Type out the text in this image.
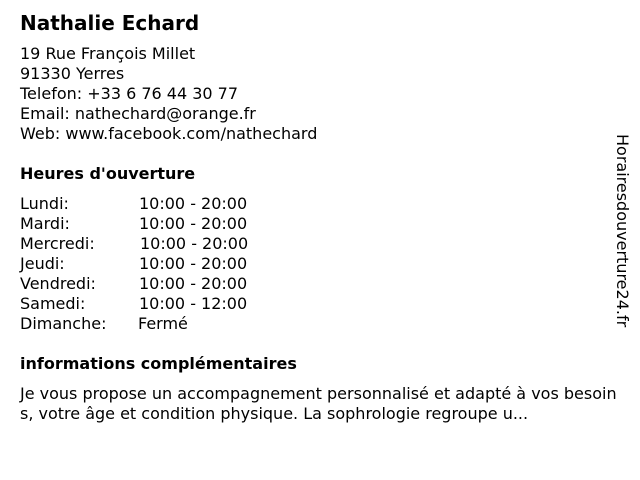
Nathalie Echard
19 Rue François Millet
91330 Yerres
Telefon: +33 6 76 44 30 77
Email: nathechard@orange.fr
Web: www.facebook.com/nathechard
Heures d'ouverture
Lundi:	10:00 - 20:00
Mardi:	10:00 - 20:00
Mercredi:	10:00 - 20:00
Jeudi:	10:00 - 20:00
Vendredi:	10:00 - 20:00
Samedi:	10:00 - 12:00
Dimanche: Fermé
informations complémentaires
Je vous propose un accompagnement personnalisé et adapté à vos besoins, votre âge et condition physique. La sophrologie regroupe u...
Horairesdouverture24.fr
